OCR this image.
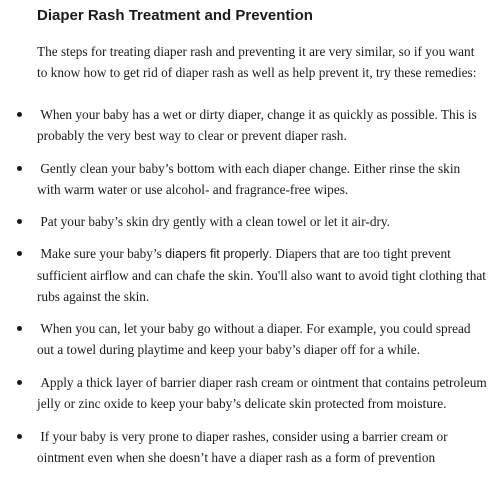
Diaper Rash Treatment and Prevention

The steps for treating diaper rash and preventing it are very similar, so if you want to know how to get rid of diaper rash as well as help prevent it, try these remedies:

When your baby has a wet or dirty diaper, change it as quickly as possible. This is probably the very best way to clear or prevent diaper rash.
Gently clean your baby’s bottom with each diaper change. Either rinse the skin with warm water or use alcohol- and fragrance-free wipes.
Pat your baby’s skin dry gently with a clean towel or let it air-dry.
Make sure your baby’s diapers fit properly. Diapers that are too tight prevent sufficient airflow and can chafe the skin. You'll also want to avoid tight clothing that rubs against the skin.
When you can, let your baby go without a diaper. For example, you could spread out a towel during playtime and keep your baby’s diaper off for a while.
Apply a thick layer of barrier diaper rash cream or ointment that contains petroleum jelly or zinc oxide to keep your baby’s delicate skin protected from moisture.
If your baby is very prone to diaper rashes, consider using a barrier cream or ointment even when she doesn’t have a diaper rash as a form of prevention
